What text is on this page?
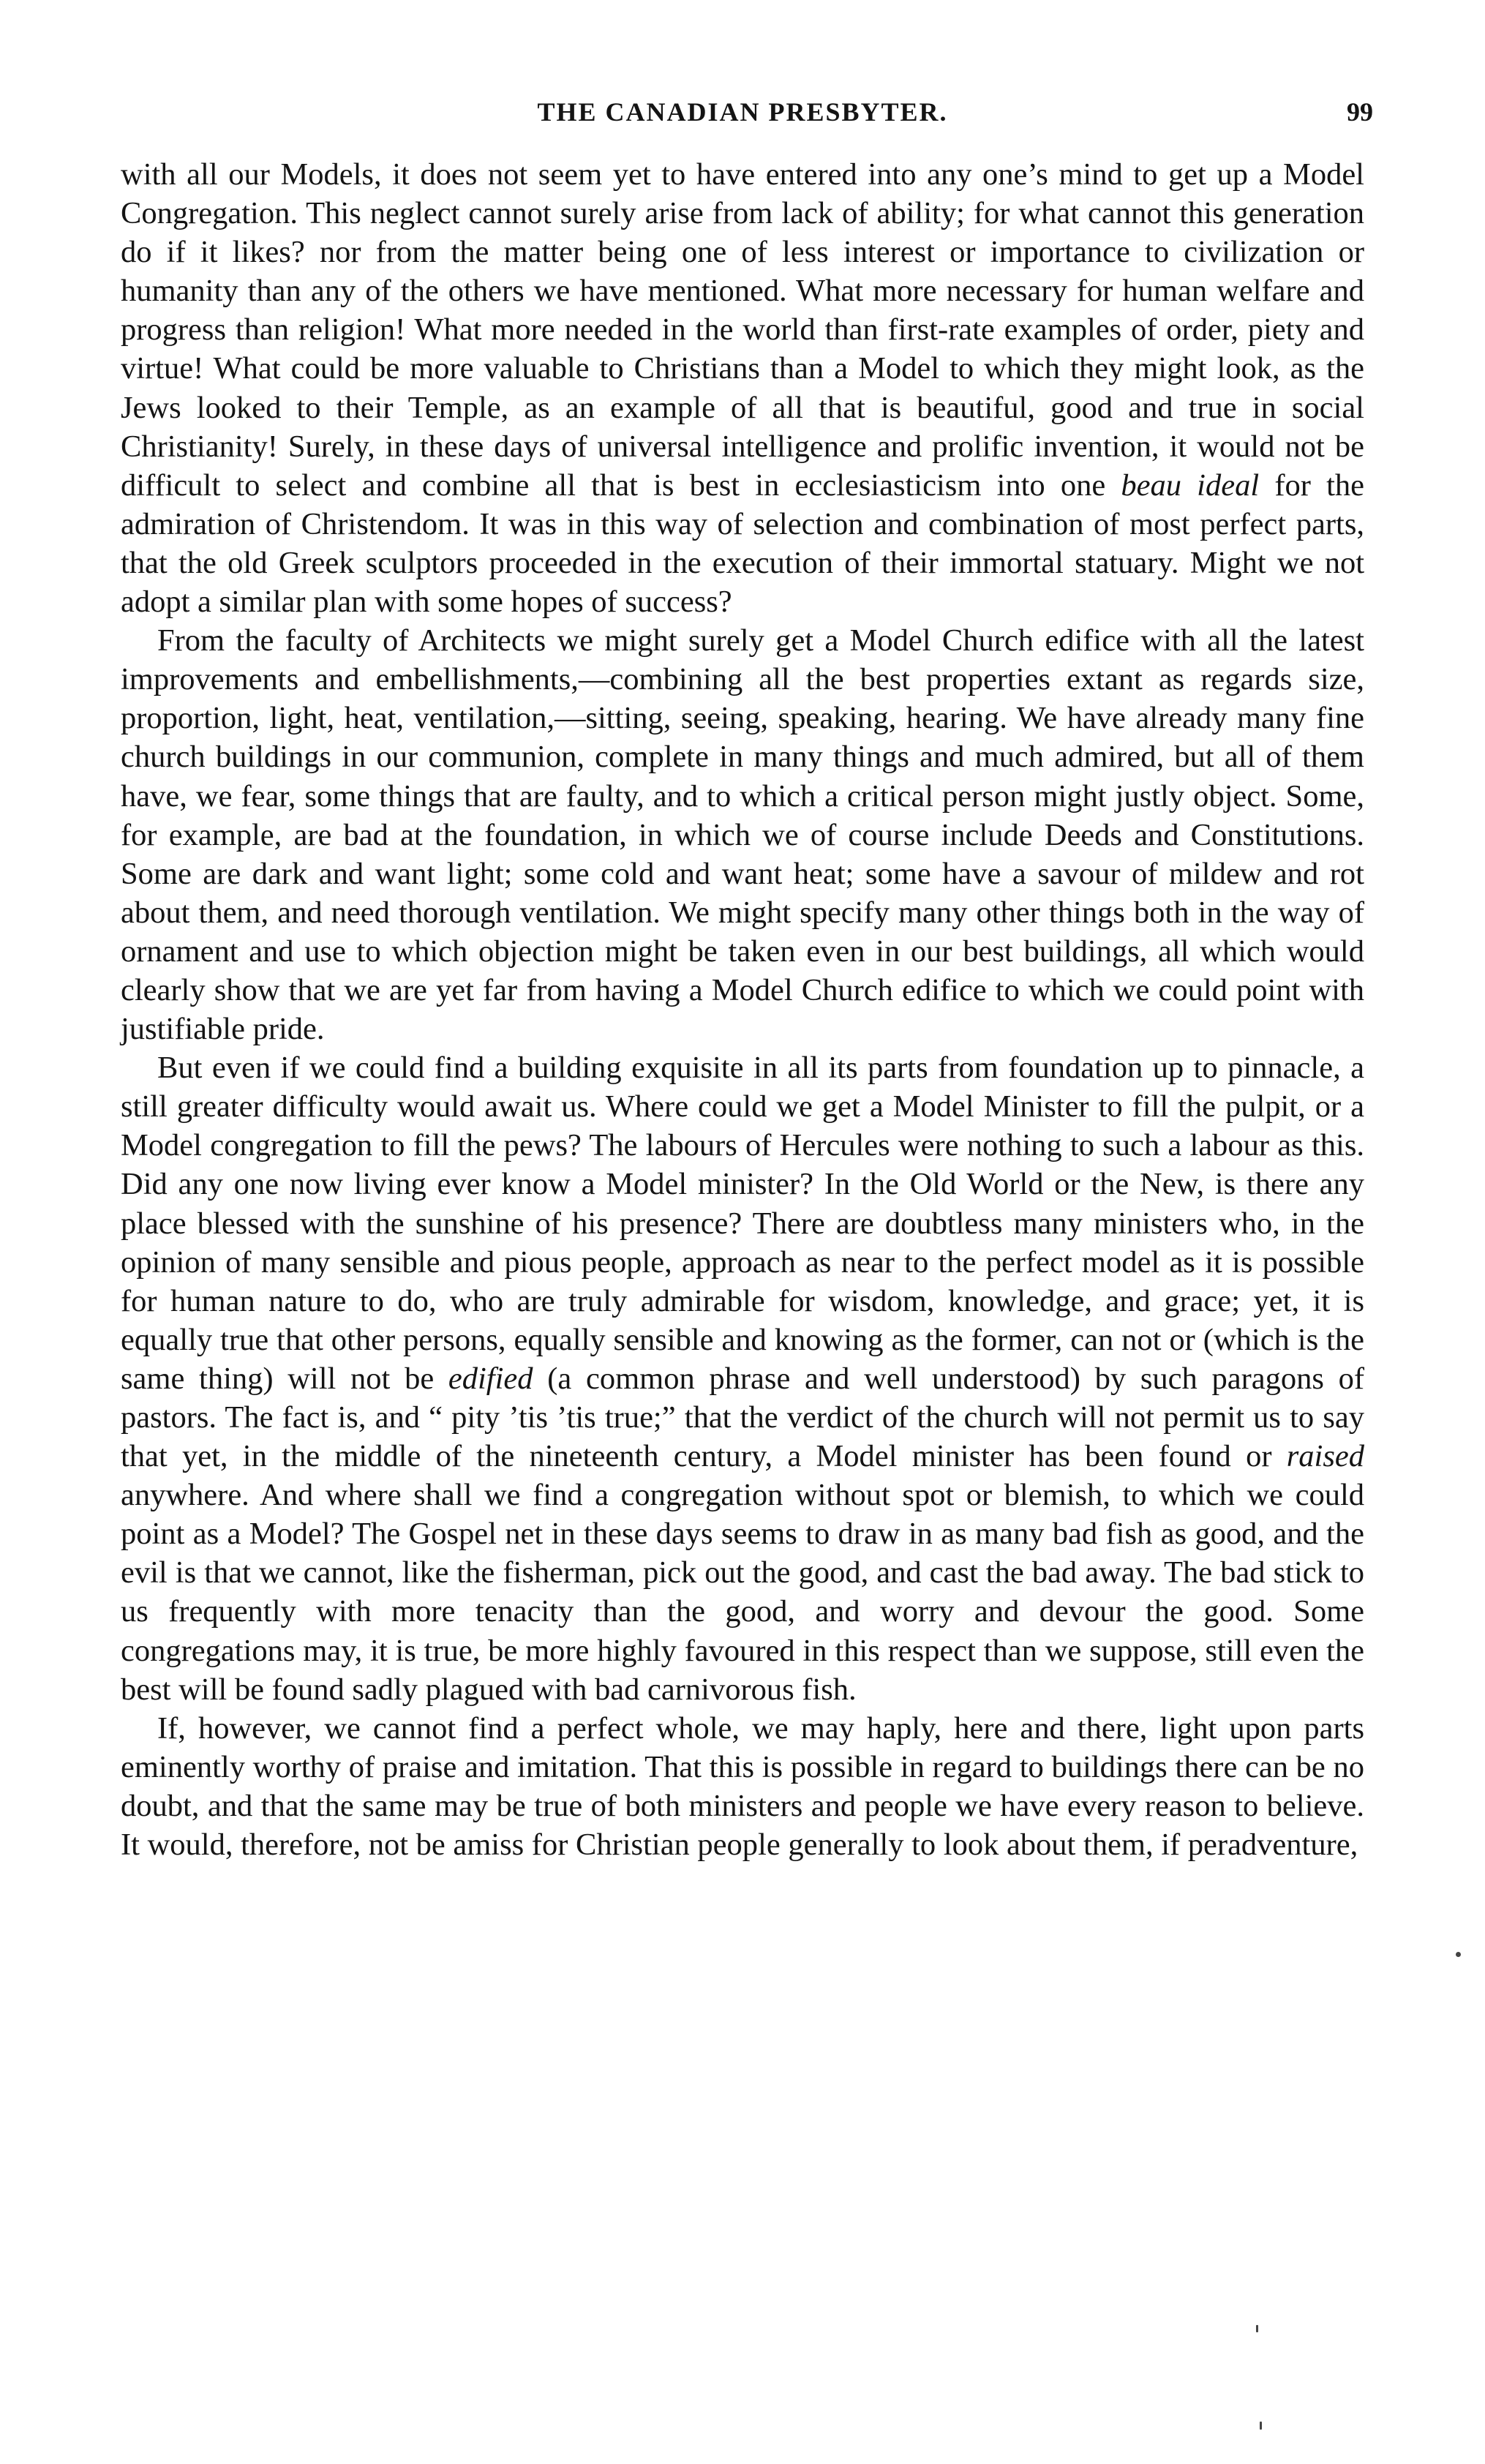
THE CANADIAN PRESBYTER.	99

with all our Models, it does not seem yet to have entered into any one’s mind to get up a Model Congregation. This neglect cannot surely arise from lack of ability; for what cannot this generation do if it likes? nor from the matter being one of less interest or importance to civilization or humanity than any of the others we have mentioned. What more necessary for human welfare and progress than religion! What more needed in the world than first-rate examples of order, piety and virtue! What could be more valuable to Christians than a Model to which they might look, as the Jews looked to their Temple, as an example of all that is beautiful, good and true in social Christianity! Surely, in these days of universal intelligence and prolific invention, it would not be difficult to select and combine all that is best in ecclesiasticism into one beau ideal for the admiration of Christendom. It was in this way of selection and combination of most perfect parts, that the old Greek sculptors proceeded in the execution of their immortal statuary. Might we not adopt a similar plan with some hopes of success?

From the faculty of Architects we might surely get a Model Church edifice with all the latest improvements and embellishments,—combining all the best properties extant as regards size, proportion, light, heat, ventilation,—sitting, seeing, speaking, hearing. We have already many fine church buildings in our communion, complete in many things and much admired, but all of them have, we fear, some things that are faulty, and to which a critical person might justly object. Some, for example, are bad at the foundation, in which we of course include Deeds and Constitutions. Some are dark and want light; some cold and want heat; some have a savour of mildew and rot about them, and need thorough ventilation. We might specify many other things both in the way of ornament and use to which objection might be taken even in our best buildings, all which would clearly show that we are yet far from having a Model Church edifice to which we could point with justifiable pride.

But even if we could find a building exquisite in all its parts from foundation up to pinnacle, a still greater difficulty would await us. Where could we get a Model Minister to fill the pulpit, or a Model congregation to fill the pews? The labours of Hercules were nothing to such a labour as this. Did any one now living ever know a Model minister? In the Old World or the New, is there any place blessed with the sunshine of his presence? There are doubtless many ministers who, in the opinion of many sensible and pious people, approach as near to the perfect model as it is possible for human nature to do, who are truly admirable for wisdom, knowledge, and grace; yet, it is equally true that other persons, equally sensible and knowing as the former, can not or (which is the same thing) will not be edified (a common phrase and well understood) by such paragons of pastors. The fact is, and “ pity ’tis ’tis true;” that the verdict of the church will not permit us to say that yet, in the middle of the nineteenth century, a Model minister has been found or raised anywhere. And where shall we find a congregation without spot or blemish, to which we could point as a Model? The Gospel net in these days seems to draw in as many bad fish as good, and the evil is that we cannot, like the fisherman, pick out the good, and cast the bad away. The bad stick to us frequently with more tenacity than the good, and worry and devour the good. Some congregations may, it is true, be more highly favoured in this respect than we suppose, still even the best will be found sadly plagued with bad carnivorous fish.

If, however, we cannot find a perfect whole, we may haply, here and there, light upon parts eminently worthy of praise and imitation. That this is possible in regard to buildings there can be no doubt, and that the same may be true of both ministers and people we have every reason to believe. It would, therefore, not be amiss for Christian people generally to look about them, if peradventure,
